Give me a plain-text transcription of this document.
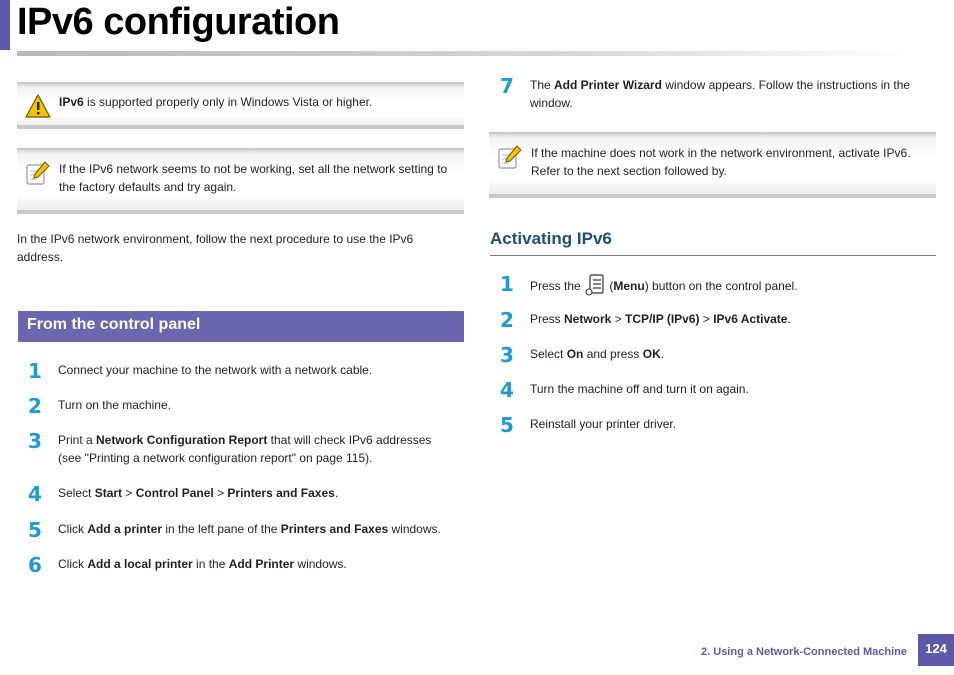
IPv6 configuration
IPv6 is supported properly only in Windows Vista or higher.
If the IPv6 network seems to not be working, set all the network setting to
the factory defaults and try again.
In the IPv6 network environment, follow the next procedure to use the IPv6
address.
From the control panel
1 Connect your machine to the network with a network cable.
2 Turn on the machine.
3 Print a Network Configuration Report that will check IPv6 addresses
(see "Printing a network configuration report" on page 115).
4 Select Start > Control Panel > Printers and Faxes.
5 Click Add a printer in the left pane of the Printers and Faxes windows.
6 Click Add a local printer in the Add Printer windows.
7 The Add Printer Wizard window appears. Follow the instructions in the
window.
If the machine does not work in the network environment, activate IPv6.
Refer to the next section followed by.
Activating IPv6
1 Press the  (Menu) button on the control panel.
2 Press Network > TCP/IP (IPv6) > IPv6 Activate.
3 Select On and press OK.
4 Turn the machine off and turn it on again.
5 Reinstall your printer driver.
2. Using a Network-Connected Machine	124
